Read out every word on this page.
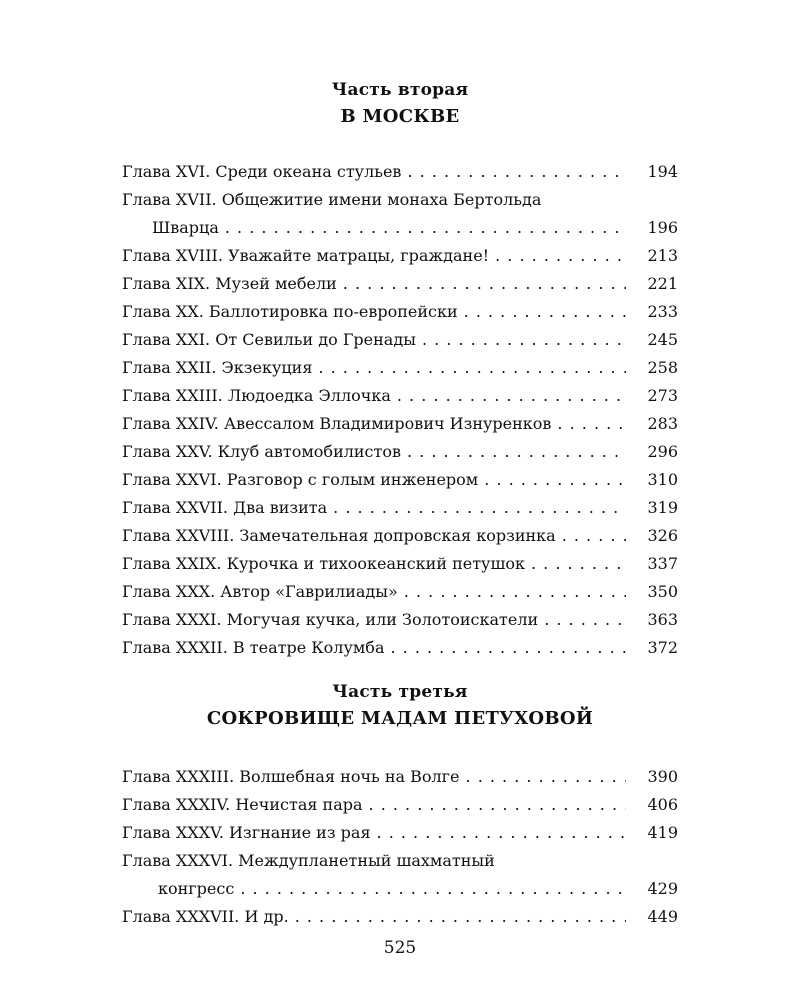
Часть вторая
В МОСКВЕ
Глава XVI. Среди океана стульев . . .	194
Глава XVII. Общежитие имени монаха Бертольда
Шварца . . .	196
Глава XVIII. Уважайте матрацы, граждане! . . .	213
Глава XIX. Музей мебели . . .	221
Глава XX. Баллотировка по-европейски . . .	233
Глава XXI. От Севильи до Гренады . . .	245
Глава XXII. Экзекуция . . .	258
Глава XXIII. Людоедка Эллочка . . .	273
Глава XXIV. Авессалом Владимирович Изнуренков . . .	283
Глава XXV. Клуб автомобилистов . . .	296
Глава XXVI. Разговор с голым инженером . . .	310
Глава XXVII. Два визита . . .	319
Глава XXVIII. Замечательная допровская корзинка . . .	326
Глава XXIX. Курочка и тихоокеанский петушок . . .	337
Глава XXX. Автор «Гаврилиады» . . .	350
Глава XXXI. Могучая кучка, или Золотоискатели . . .	363
Глава XXXII. В театре Колумба . . .	372
Часть третья
СОКРОВИЩЕ МАДАМ ПЕТУХОВОЙ
Глава XXXIII. Волшебная ночь на Волге . . .	390
Глава XXXIV. Нечистая пара . . .	406
Глава XXXV. Изгнание из рая . . .	419
Глава XXXVI. Междупланетный шахматный
конгресс . . .	429
Глава XXXVII. И др. . . .	449
525
